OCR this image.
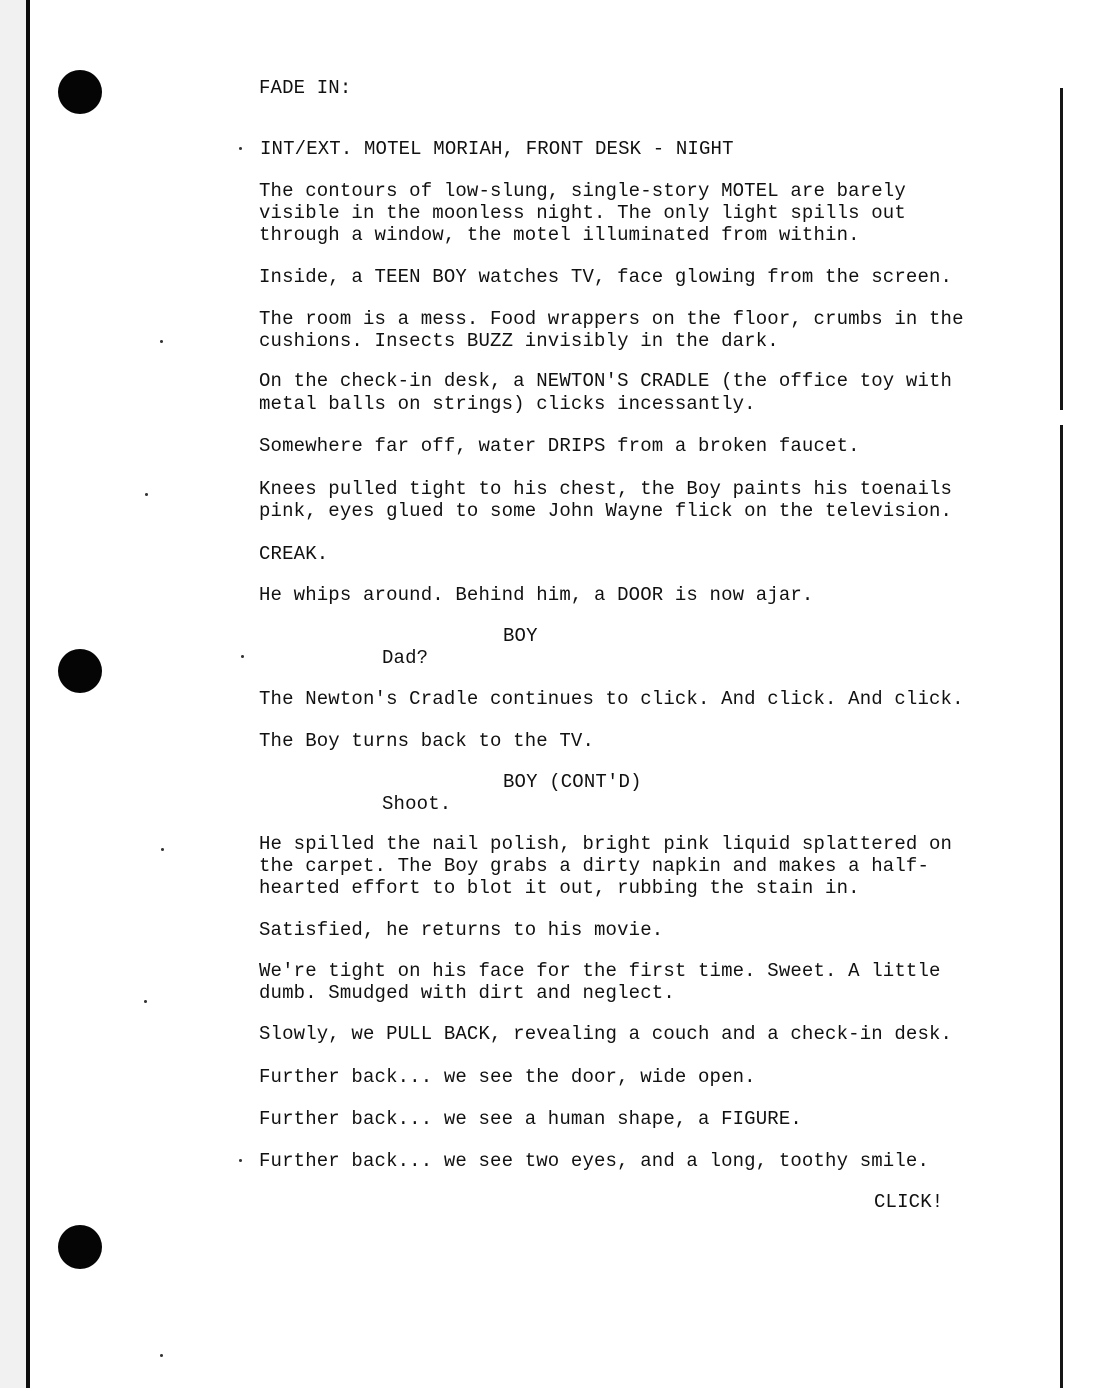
FADE IN:

INT/EXT. MOTEL MORIAH, FRONT DESK - NIGHT

The contours of low-slung, single-story MOTEL are barely

visible in the moonless night. The only light spills out

through a window, the motel illuminated from within.

Inside, a TEEN BOY watches TV, face glowing from the screen.

The room is a mess. Food wrappers on the floor, crumbs in the

cushions. Insects BUZZ invisibly in the dark.

On the check-in desk, a NEWTON'S CRADLE (the office toy with

metal balls on strings) clicks incessantly.

Somewhere far off, water DRIPS from a broken faucet.

Knees pulled tight to his chest, the Boy paints his toenails

pink, eyes glued to some John Wayne flick on the television.

CREAK.

He whips around. Behind him, a DOOR is now ajar.

BOY

Dad?

The Newton's Cradle continues to click. And click. And click.

The Boy turns back to the TV.

BOY (CONT'D)

Shoot.

He spilled the nail polish, bright pink liquid splattered on

the carpet. The Boy grabs a dirty napkin and makes a half-

hearted effort to blot it out, rubbing the stain in.

Satisfied, he returns to his movie.

We're tight on his face for the first time. Sweet. A little

dumb. Smudged with dirt and neglect.

Slowly, we PULL BACK, revealing a couch and a check-in desk.

Further back... we see the door, wide open.

Further back... we see a human shape, a FIGURE.

Further back... we see two eyes, and a long, toothy smile.

CLICK!
